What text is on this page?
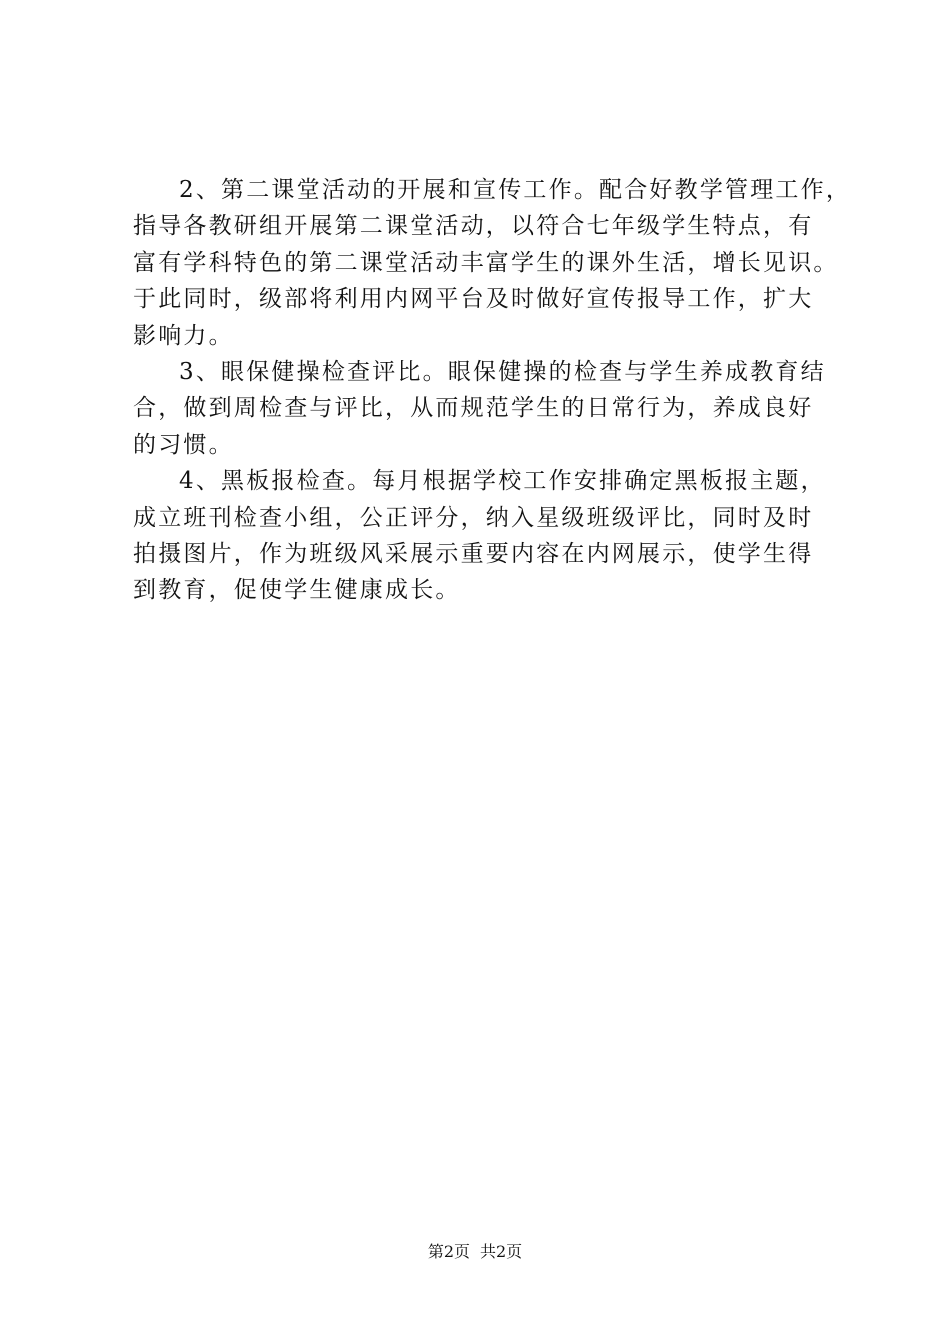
2、第二课堂活动的开展和宣传工作。配合好教学管理工作，
指导各教研组开展第二课堂活动，以符合七年级学生特点，有
富有学科特色的第二课堂活动丰富学生的课外生活，增长见识。
于此同时，级部将利用内网平台及时做好宣传报导工作，扩大
影响力。
3、眼保健操检查评比。眼保健操的检查与学生养成教育结
合，做到周检查与评比，从而规范学生的日常行为，养成良好
的习惯。
4、黑板报检查。每月根据学校工作安排确定黑板报主题，
成立班刊检查小组，公正评分，纳入星级班级评比，同时及时
拍摄图片，作为班级风采展示重要内容在内网展示，使学生得
到教育，促使学生健康成长。
第2页 共2页
